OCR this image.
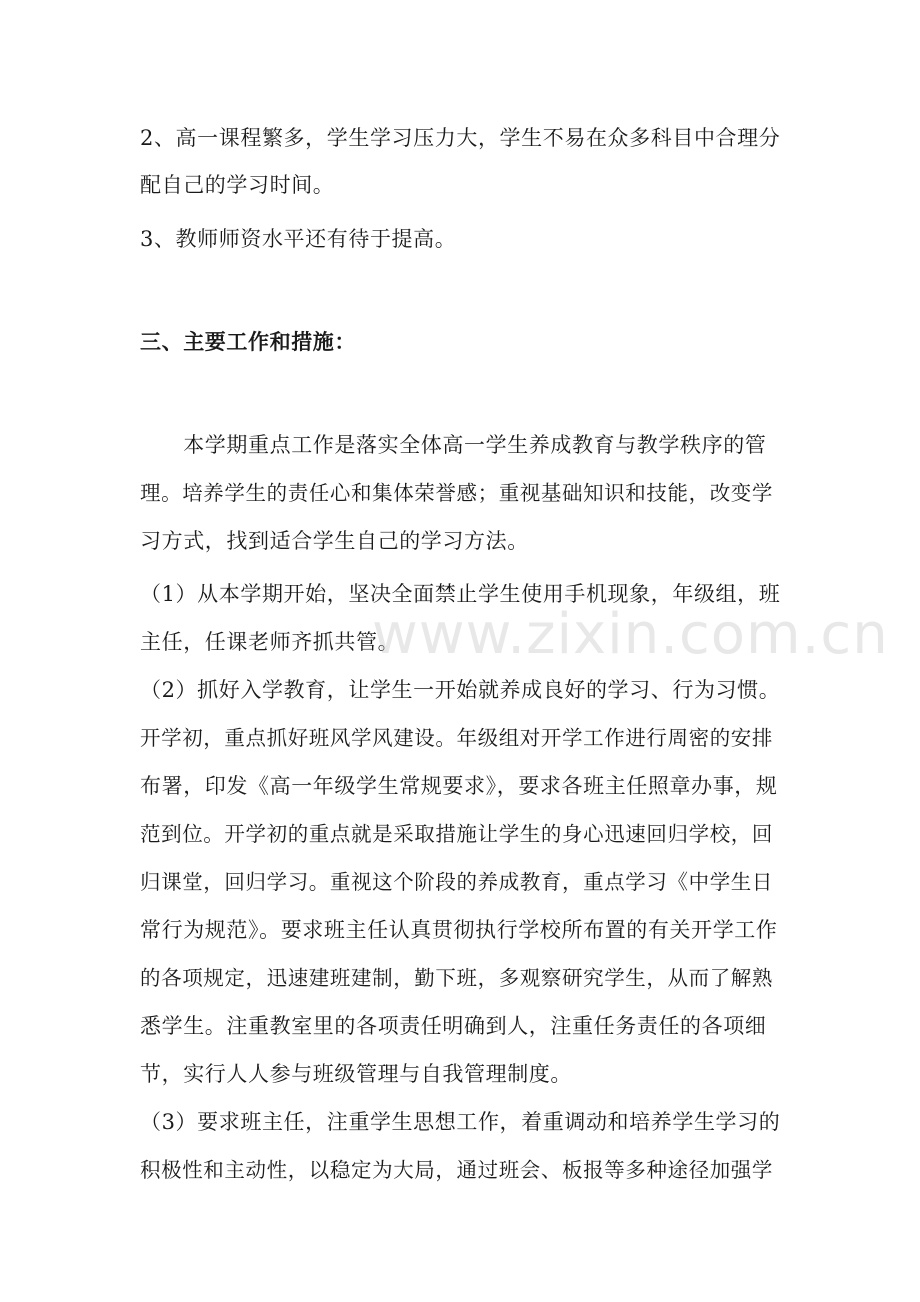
2、高一课程繁多，学生学习压力大，学生不易在众多科目中合理分
配自己的学习时间。
3、教师师资水平还有待于提高。
三、主要工作和措施：
　　本学期重点工作是落实全体高一学生养成教育与教学秩序的管
理。培养学生的责任心和集体荣誉感；重视基础知识和技能，改变学
习方式，找到适合学生自己的学习方法。
（1）从本学期开始，坚决全面禁止学生使用手机现象，年级组，班
主任，任课老师齐抓共管。
（2）抓好入学教育，让学生一开始就养成良好的学习、行为习惯。
开学初，重点抓好班风学风建设。年级组对开学工作进行周密的安排
布署，印发《高一年级学生常规要求》，要求各班主任照章办事，规
范到位。开学初的重点就是采取措施让学生的身心迅速回归学校，回
归课堂，回归学习。重视这个阶段的养成教育，重点学习《中学生日
常行为规范》。要求班主任认真贯彻执行学校所布置的有关开学工作
的各项规定，迅速建班建制，勤下班，多观察研究学生，从而了解熟
悉学生。注重教室里的各项责任明确到人，注重任务责任的各项细
节，实行人人参与班级管理与自我管理制度。
（3）要求班主任，注重学生思想工作，着重调动和培养学生学习的
积极性和主动性，以稳定为大局，通过班会、板报等多种途径加强学
www.zixin.com.cn
